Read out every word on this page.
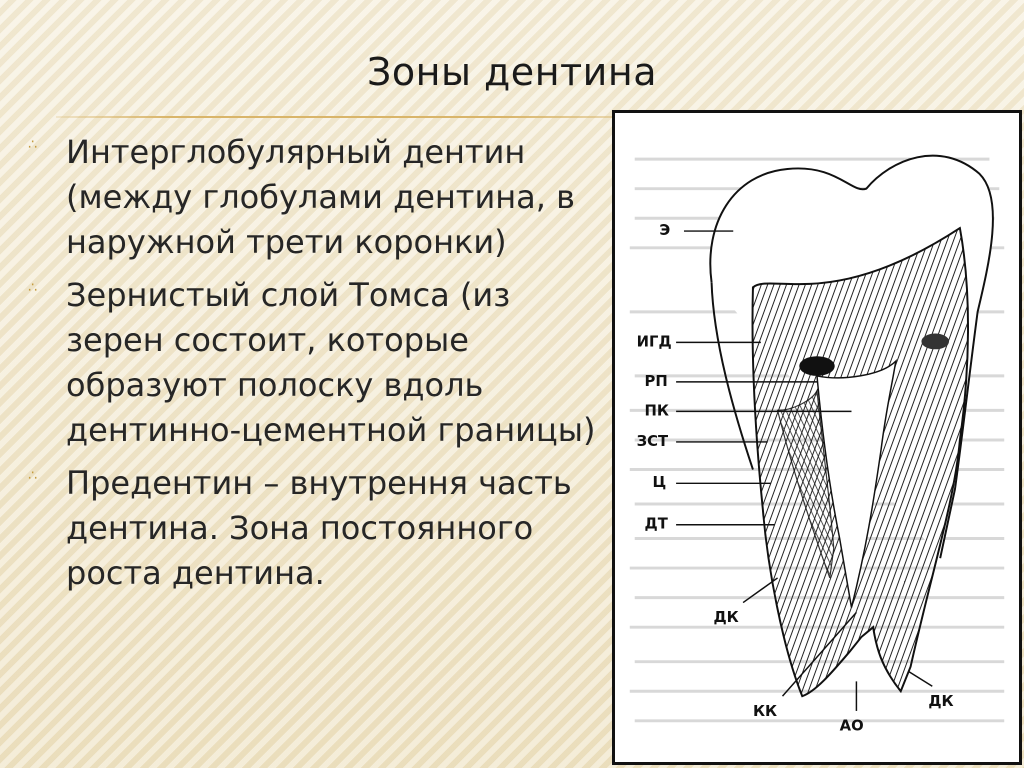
Зоны дентина
∴ Интерглобулярный дентин (между глобулами дентина, в наружной трети коронки)
∴ Зернистый слой Томса (из зерен состоит, которые образуют полоску вдоль дентинно-цементной границы)
∴ Предентин – внутрення часть дентина. Зона постоянного роста дентина.
Э
ИГД
РП
ПК
ЗСТ
Ц
ДТ
ДК
КК
АО
ДК
